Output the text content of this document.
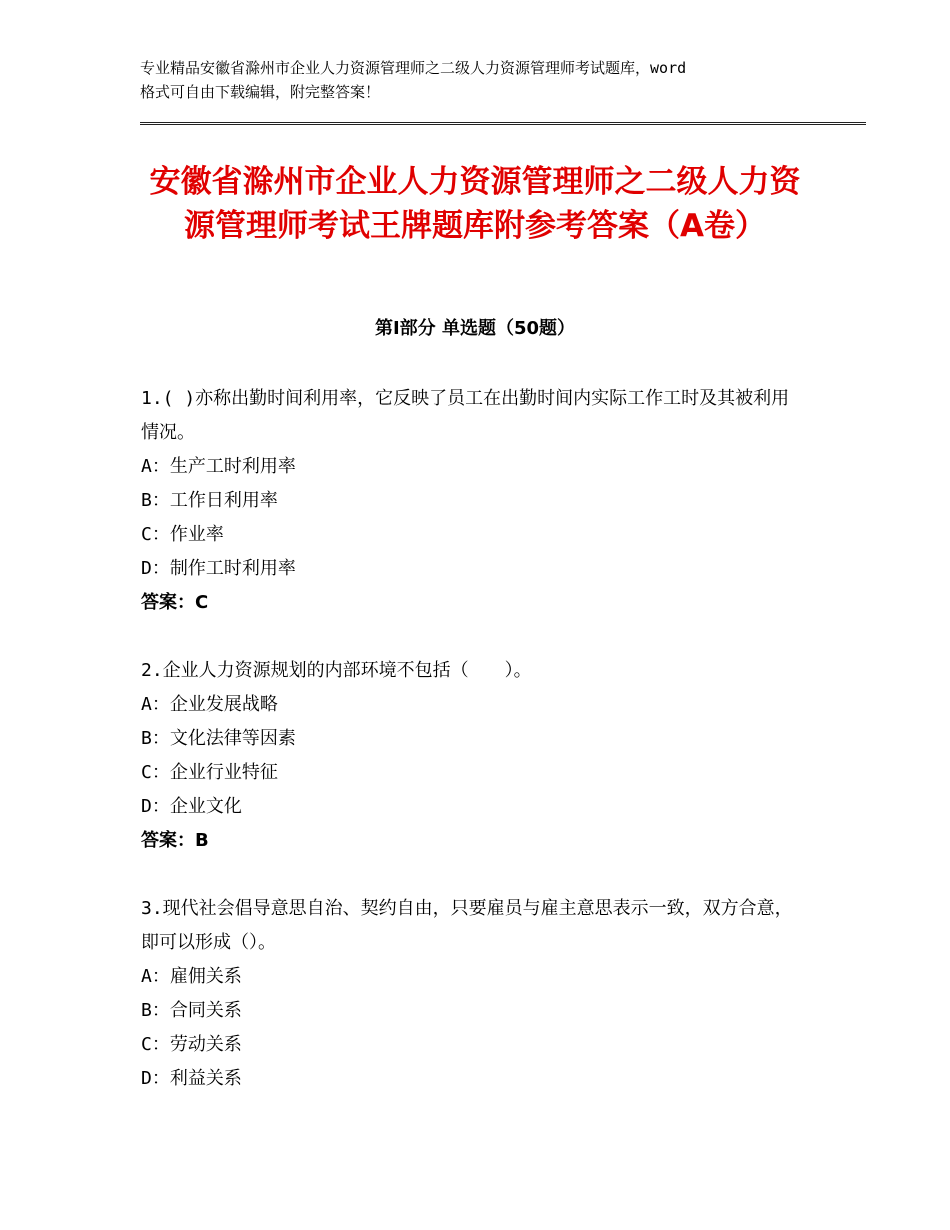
专业精品安徽省滁州市企业人力资源管理师之二级人力资源管理师考试题库，word
格式可自由下载编辑，附完整答案！
安徽省滁州市企业人力资源管理师之二级人力资源管理师考试王牌题库附参考答案（A卷）
第Ⅰ部分 单选题（50题）
1.( )亦称出勤时间利用率，它反映了员工在出勤时间内实际工作工时及其被利用情况。
A：生产工时利用率
B：工作日利用率
C：作业率
D：制作工时利用率
答案：C
2.企业人力资源规划的内部环境不包括（　　）。
A：企业发展战略
B：文化法律等因素
C：企业行业特征
D：企业文化
答案：B
3.现代社会倡导意思自治、契约自由，只要雇员与雇主意思表示一致，双方合意，即可以形成（）。
A：雇佣关系
B：合同关系
C：劳动关系
D：利益关系
